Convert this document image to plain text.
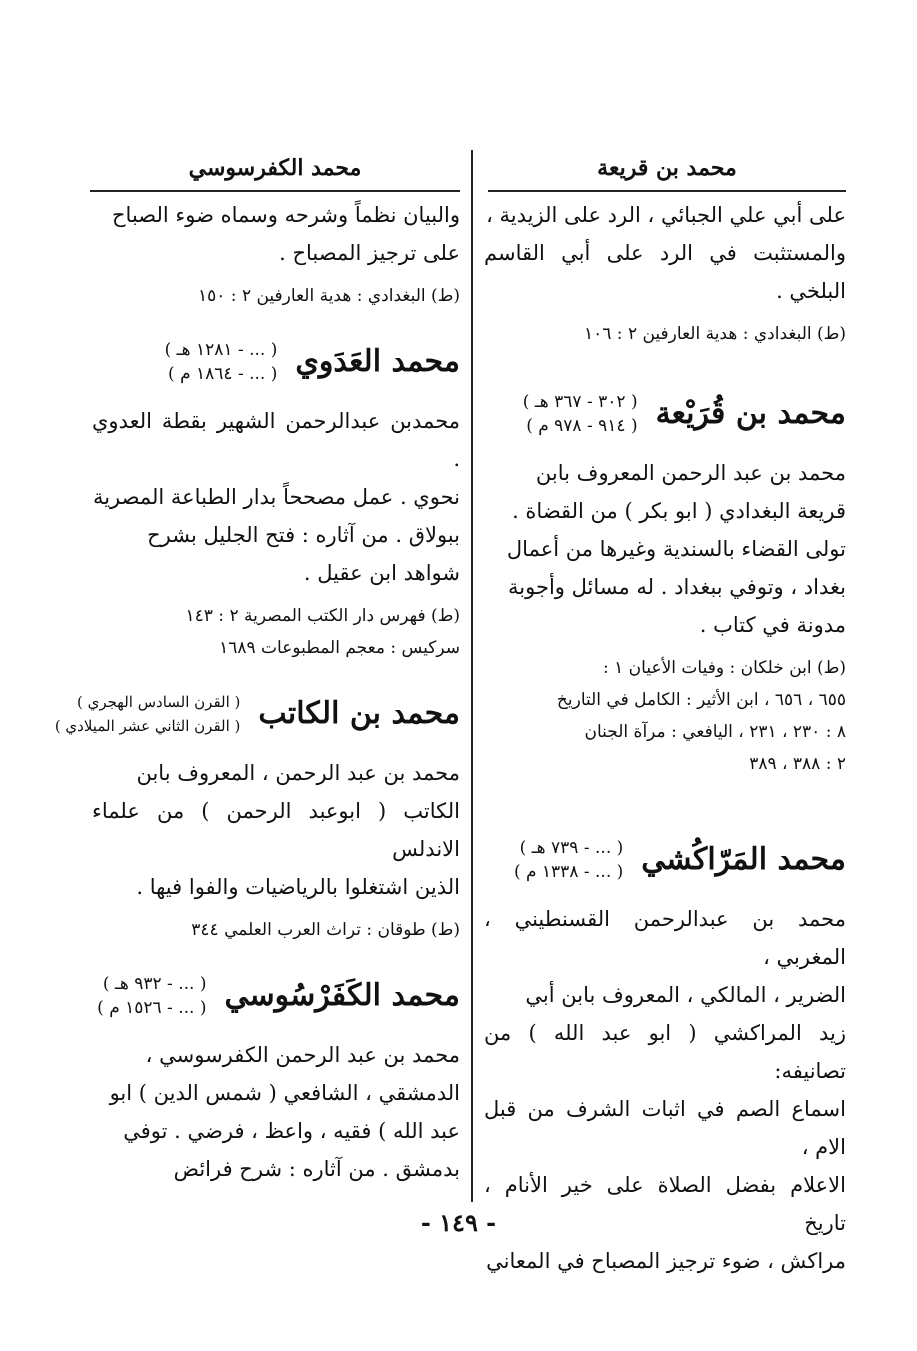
محمد بن قريعة
محمد الكفرسوسي

على أبي علي الجبائي ، الرد على الزيدية ،

والمستثبت في الرد على أبي القاسم البلخي .

(ط) البغدادي : هدية العارفين ٢ : ١٠٦

محمد بن قُرَيْعة
( ٣٠٢ - ٣٦٧ هـ )
( ٩١٤ - ٩٧٨ م )

محمد بن عبد الرحمن المعروف بابن

قريعة البغدادي ( ابو بكر ) من القضاة .

تولى القضاء بالسندية وغيرها من أعمال

بغداد ، وتوفي ببغداد . له مسائل وأجوبة

مدونة في كتاب .

(ط) ابن خلكان : وفيات الأعيان ١ :

٦٥٥ ، ٦٥٦ ، ابن الأثير : الكامل في التاريخ

٨ : ٢٣٠ ، ٢٣١ ، اليافعي : مرآة الجنان

٢ : ٣٨٨ ، ٣٨٩

محمد المَرّاكُشي
( ... - ٧٣٩ هـ )
( ... - ١٣٣٨ م )

محمد بن عبدالرحمن القسنطيني ، المغربي ،

الضرير ، المالكي ، المعروف بابن أبي

زيد المراكشي ( ابو عبد الله ) من تصانيفه:

اسماع الصم في اثبات الشرف من قبل الام ،

الاعلام بفضل الصلاة على خير الأنام ، تاريخ

مراكش ، ضوء ترجيز المصباح في المعاني

والبيان نظماً وشرحه وسماه ضوء الصباح

على ترجيز المصباح .

(ط) البغدادي : هدية العارفين ٢ : ١٥٠

محمد العَدَوي
( ... - ١٢٨١ هـ )
( ... - ١٨٦٤ م )

محمدبن عبدالرحمن الشهير بقطة العدوي .

نحوي . عمل مصححاً بدار الطباعة المصرية

ببولاق . من آثاره : فتح الجليل بشرح

شواهد ابن عقيل .

(ط) فهرس دار الكتب المصرية ٢ : ١٤٣

سركيس : معجم المطبوعات ١٦٨٩

محمد بن الكاتب
( القرن السادس الهجري )
( القرن الثاني عشر الميلادي )

محمد بن عبد الرحمن ، المعروف بابن

الكاتب ( ابوعبد الرحمن ) من علماء الاندلس

الذين اشتغلوا بالرياضيات والفوا فيها .

(ط) طوقان : تراث العرب العلمي ٣٤٤

محمد الكَفَرْسُوسي
( ... - ٩٣٢ هـ )
( ... - ١٥٢٦ م )

محمد بن عبد الرحمن الكفرسوسي ،

الدمشقي ، الشافعي ( شمس الدين ) ابو

عبد الله ) فقيه ، واعظ ، فرضي . توفي

بدمشق . من آثاره : شرح فرائض

- ١٤٩ -
